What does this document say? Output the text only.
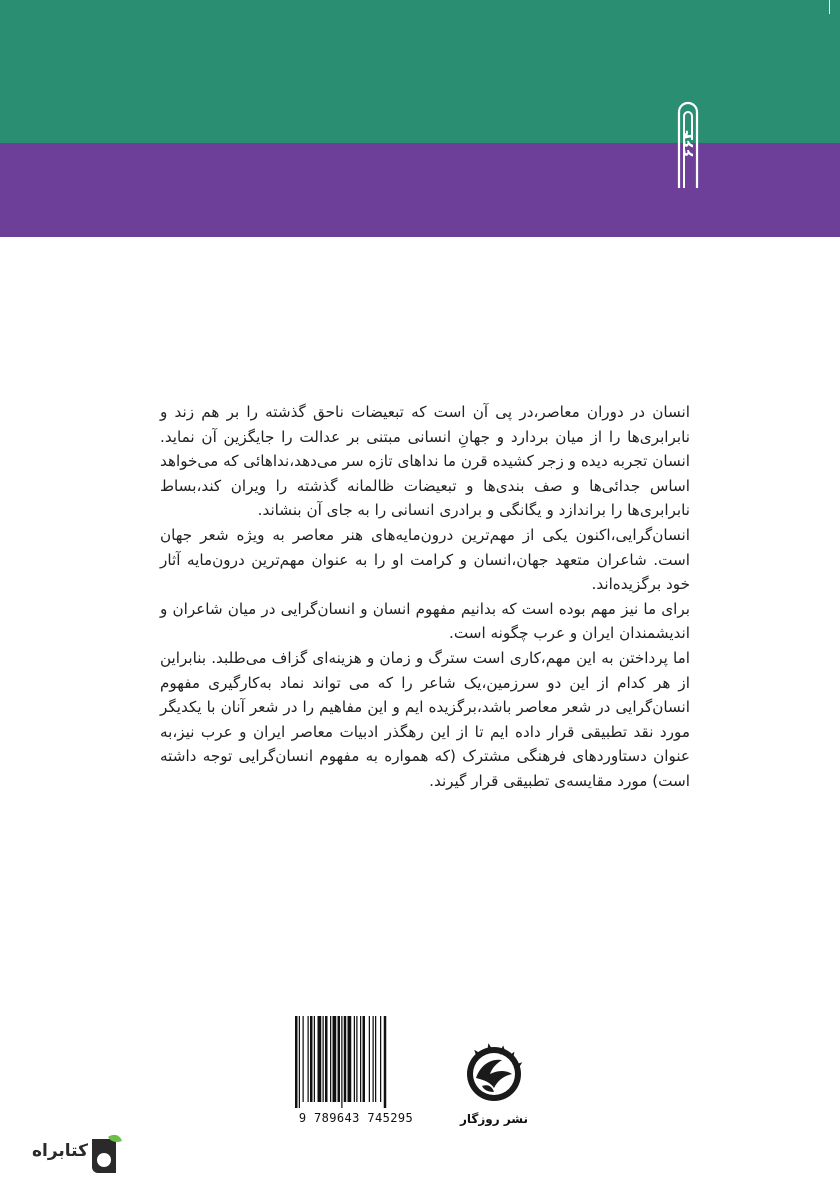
۶۶۴

انسان در دوران معاصر،در پی آن است که تبعیضات ناحق گذشته را بر هم زند و نابرابری‌ها را از میان بردارد و جهانِ انسانی مبتنی بر عدالت را جایگزین آن نماید. انسان تجربه دیده و زجر کشیده قرن ما نداهای تازه سر می‌دهد،نداهائی که می‌خواهد اساس جدائی‌ها و صف بندی‌ها و تبعیضات ظالمانه گذشته را ویران کند،بساط نابرابری‌ها را براندازد و یگانگی و برادری انسانی را به جای آن بنشاند.

انسان‌گرایی،اکنون یکی از مهم‌ترین درون‌مایه‌های هنر معاصر به ویژه شعر جهان است. شاعران متعهد جهان،انسان و کرامت او را به عنوان مهم‌ترین درون‌مایه آثار خود برگزیده‌اند.

برای ما نیز مهم بوده است که بدانیم مفهوم انسان و انسان‌گرایی در میان شاعران و اندیشمندان ایران و عرب چگونه است.

اما پرداختن به این مهم،کاری است سترگ و زمان و هزینه‌ای گزاف می‌طلبد. بنابراین از هر کدام از این دو سرزمین،یک شاعر را که می تواند نماد به‌کارگیری مفهوم انسان‌گرایی در شعر معاصر باشد،برگزیده ایم و این مفاهیم را در شعر آنان با یکدیگر مورد نقد تطبیقی قرار داده ایم تا از این رهگذر ادبیات معاصر ایران و عرب نیز،به عنوان دستاوردهای فرهنگی مشترک (که همواره به مفهوم انسان‌گرایی توجه داشته است) مورد مقایسه‌ی تطبیقی قرار گیرند.

9 789643 745295	نشر روزگار
کتابراه
